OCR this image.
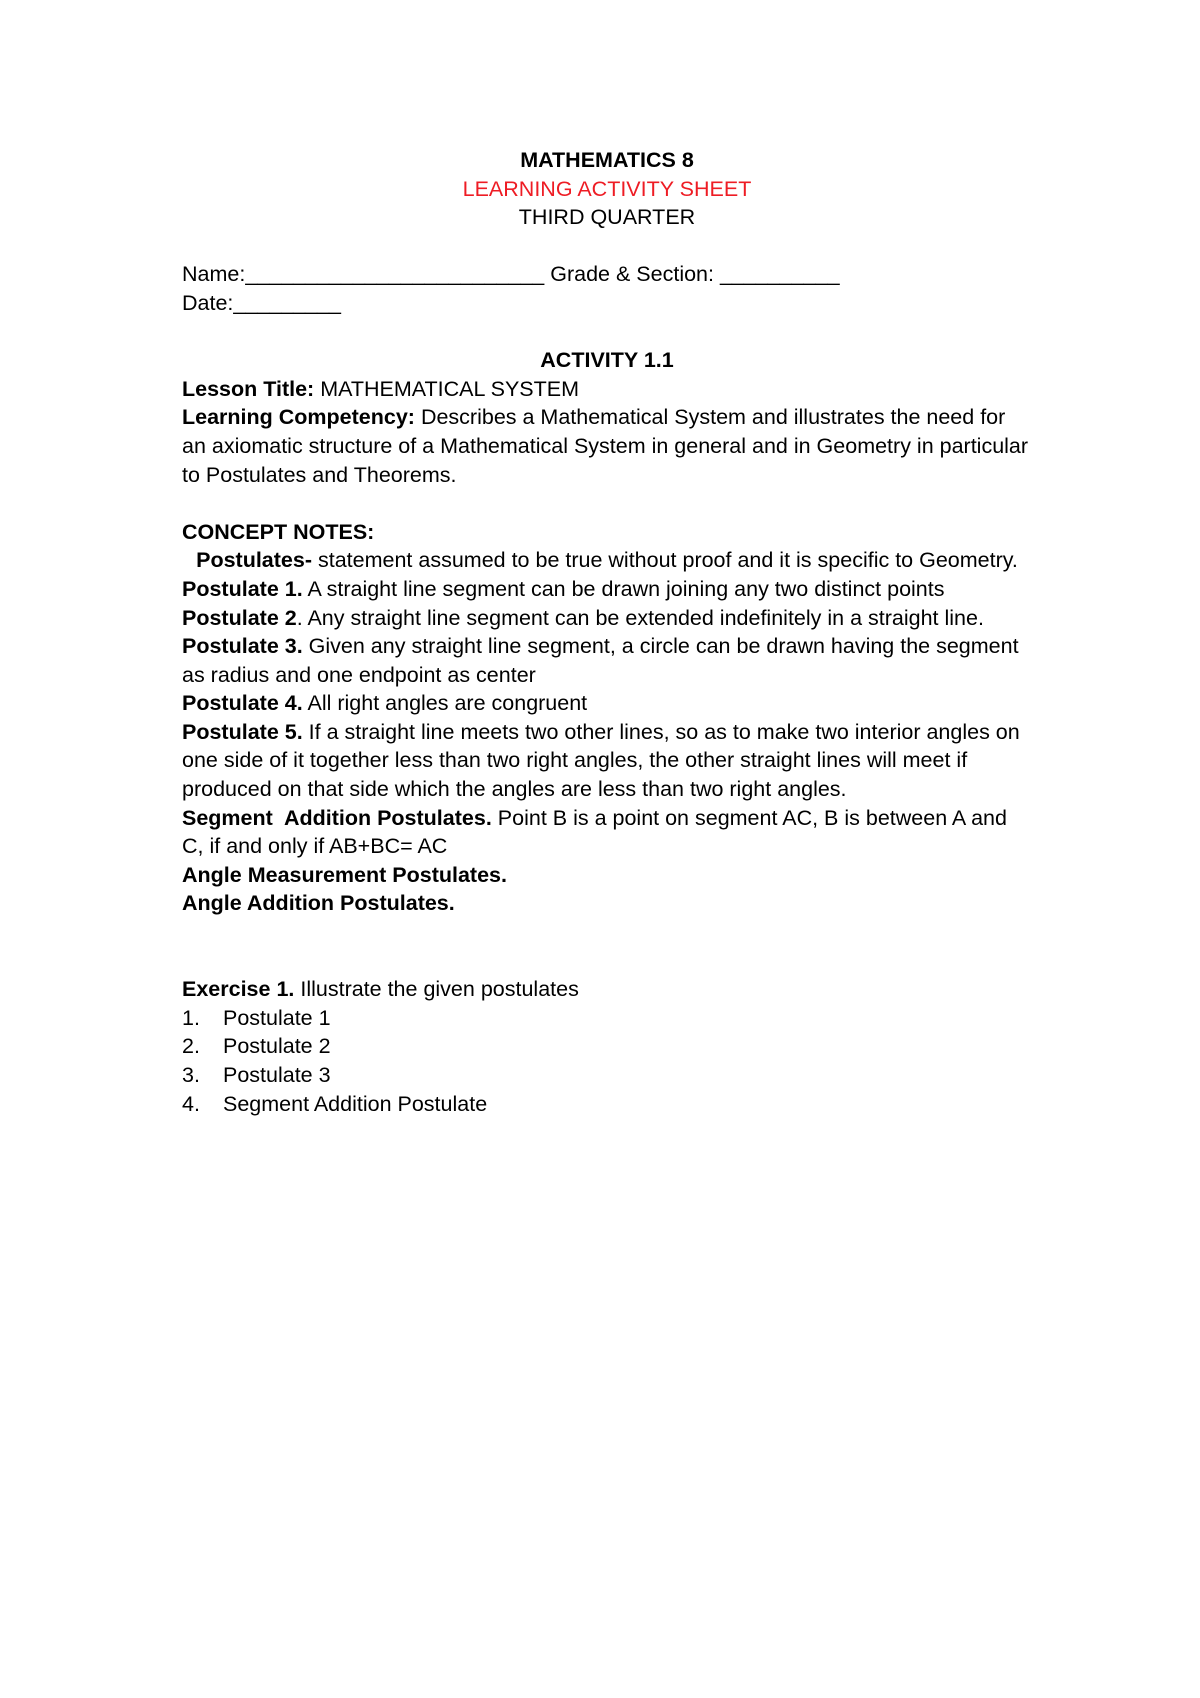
MATHEMATICS 8

LEARNING ACTIVITY SHEET

THIRD QUARTER

Name:_________________________ Grade & Section: __________

Date:_________

ACTIVITY 1.1

Lesson Title: MATHEMATICAL SYSTEM

Learning Competency: Describes a Mathematical System and illustrates the need for an axiomatic structure of a Mathematical System in general and in Geometry in particular to Postulates and Theorems.

CONCEPT NOTES:

Postulates- statement assumed to be true without proof and it is specific to Geometry.

Postulate 1. A straight line segment can be drawn joining any two distinct points

Postulate 2. Any straight line segment can be extended indefinitely in a straight line.

Postulate 3. Given any straight line segment, a circle can be drawn having the segment as radius and one endpoint as center

Postulate 4. All right angles are congruent

Postulate 5. If a straight line meets two other lines, so as to make two interior angles on one side of it together less than two right angles, the other straight lines will meet if produced on that side which the angles are less than two right angles.

Segment  Addition Postulates. Point B is a point on segment AC, B is between A and C, if and only if AB+BC= AC

Angle Measurement Postulates.

Angle Addition Postulates.

Exercise 1. Illustrate the given postulates

1.	Postulate 1
2.	Postulate 2
3.	Postulate 3
4.	Segment Addition Postulate
